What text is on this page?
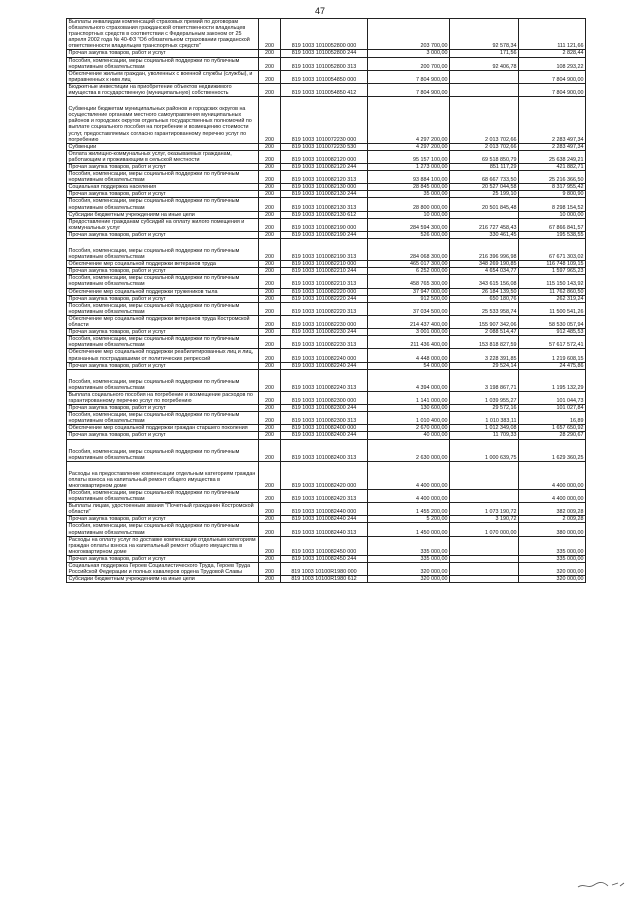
47
Выплаты инвалидам компенсаций страховых премий по договорам обязательного страхования гражданской ответственности владельцев транспортных средств в соответствии с Федеральным законом от 25 апреля 2002 года № 40-ФЗ "Об обязательном страховании гражданской ответственности владельцев транспортных средств"	200	819 1003 1010052800 000	203 700,00	92 578,34	111 121,66
Прочая закупка товаров, работ и услуг	200	819 1003 1010052800 244	3 000,00	171,56	2 828,44
Пособия, компенсации, меры социальной поддержки по публичным нормативным обязательствам	200	819 1003 1010052800 313	200 700,00	92 406,78	108 293,22
Обеспечение жильем граждан, уволенных с военной службы (службы), и приравненных к ним лиц	200	819 1003 1010054850 000	7 804 900,00		7 804 900,00
Бюджетные инвестиции на приобретение объектов недвижимого имущества в государственную (муниципальную) собственность	200	819 1003 1010054850 412	7 804 900,00		7 804 900,00
Субвенции бюджетам муниципальных районов и городских округов на осуществление органами местного самоуправления муниципальных районов и городских округов отдельных государственных полномочий по выплате социального пособия на погребение и возмещению стоимости услуг, предоставляемых согласно гарантированному перечню услуг по погребению	200	819 1003 1010072230 000	4 297 200,00	2 013 702,66	2 283 497,34
Субвенции	200	819 1003 1010072230 530	4 297 200,00	2 013 702,66	2 283 497,34
Оплата жилищно-коммунальных услуг, оказываемых гражданам, работающим и проживающим в сельской местности	200	819 1003 1010082120 000	95 157 100,00	69 518 850,79	25 638 249,21
Прочая закупка товаров, работ и услуг	200	819 1003 1010082120 244	1 273 000,00	851 117,29	421 882,71
Пособия, компенсации, меры социальной поддержки по публичным нормативным обязательствам	200	819 1003 1010082120 313	93 884 100,00	68 667 733,50	25 216 366,50
Социальная поддержка населения	200	819 1003 1010082130 000	28 845 000,00	20 527 044,58	8 317 955,42
Прочая закупка товаров, работ и услуг	200	819 1003 1010082130 244	35 000,00	25 199,10	9 800,90
Пособия, компенсации, меры социальной поддержки по публичным нормативным обязательствам	200	819 1003 1010082130 313	28 800 000,00	20 501 845,48	8 298 154,52
Субсидии бюджетным учреждениям на иные цели	200	819 1003 1010082130 612	10 000,00		10 000,00
Предоставление гражданам субсидий на оплату жилого помещения и коммунальных услуг	200	819 1003 1010082190 000	284 594 300,00	216 727 458,43	67 866 841,57
Прочая закупка товаров, работ и услуг	200	819 1003 1010082190 244	526 000,00	330 461,45	195 538,55
Пособия, компенсации, меры социальной поддержки по публичным нормативным обязательствам	200	819 1003 1010082190 313	284 068 300,00	216 396 996,98	67 671 303,02
Обеспечение мер социальной поддержки ветеранов труда	200	819 1003 1010082210 000	465 017 300,00	348 269 190,85	116 748 109,15
Прочая закупка товаров, работ и услуг	200	819 1003 1010082210 244	6 252 000,00	4 654 034,77	1 597 965,23
Пособия, компенсации, меры социальной поддержки по публичным нормативным обязательствам	200	819 1003 1010082210 313	458 765 300,00	343 615 156,08	115 150 143,92
Обеспечение мер социальной поддержки тружеников тыла	200	819 1003 1010082220 000	37 947 000,00	26 184 139,50	11 762 860,50
Прочая закупка товаров, работ и услуг	200	819 1003 1010082220 244	912 500,00	650 180,76	262 319,24
Пособия, компенсации, меры социальной поддержки по публичным нормативным обязательствам	200	819 1003 1010082220 313	37 034 500,00	25 533 958,74	11 500 541,26
Обеспечение мер социальной поддержки ветеранов труда Костромской области	200	819 1003 1010082230 000	214 437 400,00	155 907 342,06	58 530 057,94
Прочая закупка товаров, работ и услуг	200	819 1003 1010082230 244	3 001 000,00	2 088 514,47	912 485,53
Пособия, компенсации, меры социальной поддержки по публичным нормативным обязательствам	200	819 1003 1010082230 313	211 436 400,00	153 818 827,59	57 617 572,41
Обеспечение мер социальной поддержки реабилитированных лиц и лиц, признанных пострадавшими от политических репрессий	200	819 1003 1010082240 000	4 448 000,00	3 228 391,85	1 219 608,15
Прочая закупка товаров, работ и услуг	200	819 1003 1010082240 244	54 000,00	29 524,14	24 475,86
Пособия, компенсации, меры социальной поддержки по публичным нормативным обязательствам	200	819 1003 1010082240 313	4 394 000,00	3 198 867,71	1 195 132,29
Выплата социального пособия на погребение и возмещение расходов по гарантированному перечню услуг по погребению	200	819 1003 1010082300 000	1 141 000,00	1 039 955,27	101 044,73
Прочая закупка товаров, работ и услуг	200	819 1003 1010082300 244	130 600,00	29 572,16	101 027,84
Пособия, компенсации, меры социальной поддержки по публичным нормативным обязательствам	200	819 1003 1010082300 313	1 010 400,00	1 010 383,11	16,89
Обеспечение мер социальной поддержки граждан старшего поколения	200	819 1003 1010082400 000	2 670 000,00	1 012 349,08	1 657 650,92
Прочая закупка товаров, работ и услуг	200	819 1003 1010082400 244	40 000,00	11 709,33	28 290,67
Пособия, компенсации, меры социальной поддержки по публичным нормативным обязательствам	200	819 1003 1010082400 313	2 630 000,00	1 000 639,75	1 629 360,25
Расходы на предоставление компенсации отдельным категориям граждан оплаты взноса на капитальный ремонт общего имущества в многоквартирном доме	200	819 1003 1010082420 000	4 400 000,00		4 400 000,00
Пособия, компенсации, меры социальной поддержки по публичным нормативным обязательствам	200	819 1003 1010082420 313	4 400 000,00		4 400 000,00
Выплаты лицам, удостоенным звания "Почетный гражданин Костромской области"	200	819 1003 1010082440 000	1 455 200,00	1 073 190,72	382 009,28
Прочая закупка товаров, работ и услуг	200	819 1003 1010082440 244	5 200,00	3 190,72	2 009,28
Пособия, компенсации, меры социальной поддержки по публичным нормативным обязательствам	200	819 1003 1010082440 313	1 450 000,00	1 070 000,00	380 000,00
Расходы на оплату услуг по доставке компенсации отдельным категориям граждан оплаты взноса на капитальный ремонт общего имущества в многоквартирном доме	200	819 1003 1010082450 000	335 000,00		335 000,00
Прочая закупка товаров, работ и услуг	200	819 1003 1010082450 244	335 000,00		335 000,00
Социальная поддержка Героев Социалистического Труда, Героев Труда Российской Федерации и полных кавалеров ордена Трудовой Славы	200	819 1003 10100R1980 000	320 000,00		320 000,00
Субсидии бюджетным учреждениям на иные цели	200	819 1003 10100R1980 612	320 000,00		320 000,00
